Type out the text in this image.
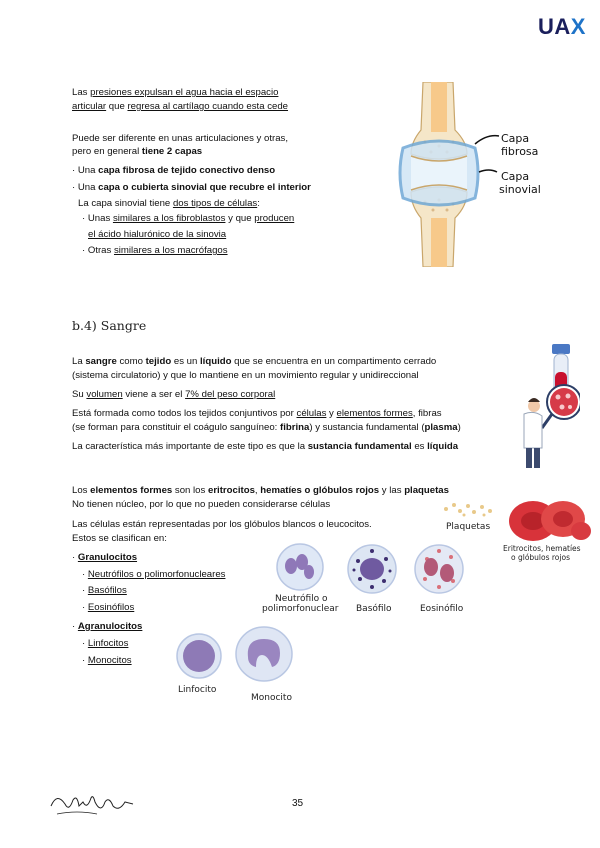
UAX
Las presiones expulsan el agua hacia el espacio
articular que regresa al cartílago cuando esta cede
Puede ser diferente en unas articulaciones y otras,
pero en general tiene 2 capas
· Una capa fibrosa de tejido conectivo denso
· Una capa o cubierta sinovial que recubre el interior
La capa sinovial tiene dos tipos de células:
· Unas similares a los fibroblastos y que producen
el ácido hialurónico de la sinovia
· Otras similares a los macrófagos
Capa
fibrosa
Capa
sinovial
b.4) Sangre
La sangre como tejido es un líquido que se encuentra en un compartimento cerrado
(sistema circulatorio) y que lo mantiene en un movimiento regular y unidireccional
Su volumen viene a ser el 7% del peso corporal
Está formada como todos los tejidos conjuntivos por células y elementos formes, fibras
(se forman para constituir el coágulo sanguíneo: fibrina) y sustancia fundamental (plasma)
La característica más importante de este tipo es que la sustancia fundamental es líquida
Los elementos formes son los eritrocitos, hematíes o glóbulos rojos y las plaquetas
No tienen núcleo, por lo que no pueden considerarse células
Las células están representadas por los glóbulos blancos o leucocitos.
Estos se clasifican en:
· Granulocitos
· Neutrófilos o polimorfonucleares
· Basófilos
· Eosinófilos
· Agranulocitos
· Linfocitos
· Monocitos
Plaquetas
Eritrocitos, hematíes
o glóbulos rojos
Neutrófilo o
polimorfonuclear Basófilo	Eosinófilo
Linfocito
Monocito
35
